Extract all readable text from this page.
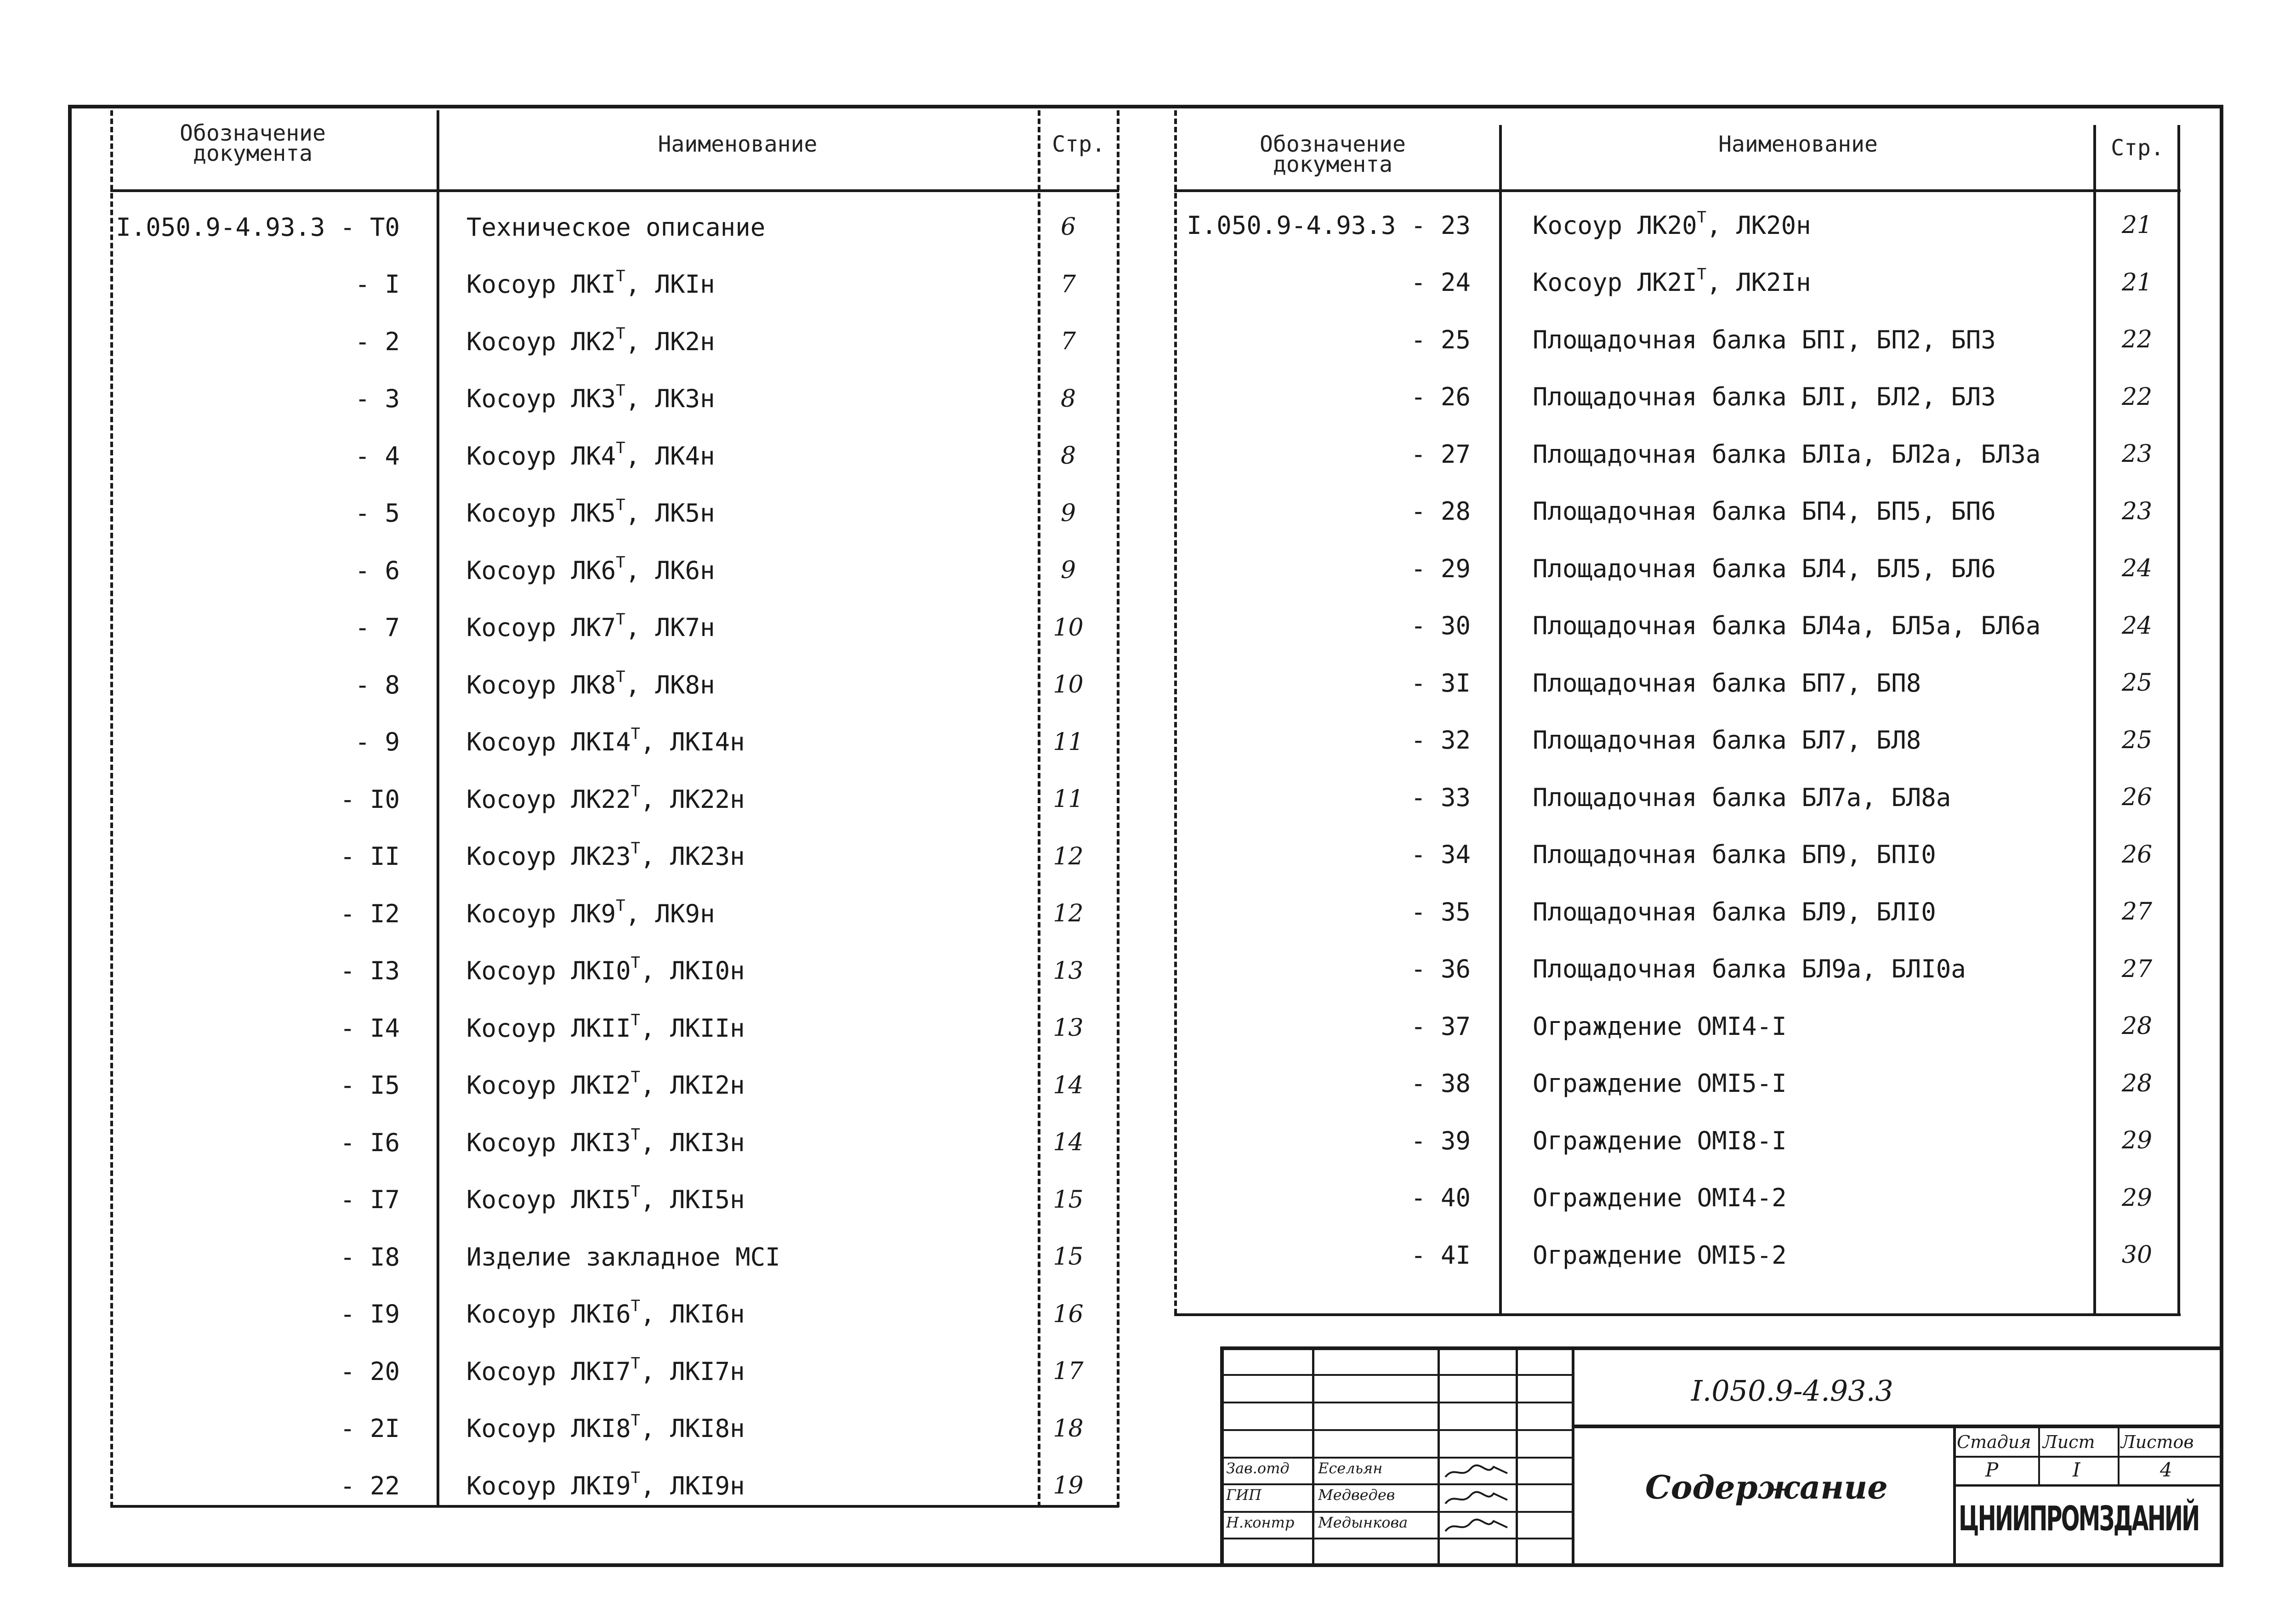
Обозначение документа	Наименование	Стр.
I.050.9-4.93.3 - T0	Техническое описание	6
- I	Косоур $ЛКI^Т$, ЛКIн	7
- 2	Косоур $ЛК2^Т$, ЛК2н	7
- 3	Косоур $ЛК3^Т$, ЛК3н	8
- 4	Косоур $ЛК4^Т$, ЛК4н	8
- 5	Косоур $ЛК5^Т$, ЛК5н	9
- 6	Косоур $ЛК6^Т$, ЛК6н	9
- 7	Косоур $ЛК7^Т$, ЛК7н	10
- 8	Косоур $ЛК8^Т$, ЛК8н	10
- 9	Косоур $ЛКI4^Т$, ЛКI4н	11
- I0	Косоур $ЛК22^Т$, ЛК22н	11
- II	Косоур $ЛК23^Т$, ЛК23н	12
- I2	Косоур $ЛК9^Т$, ЛК9н	12
- I3	Косоур $ЛКI0^Т$, ЛКI0н	13
- I4	Косоур $ЛКII^Т$, ЛКIIн	13
- I5	Косоур $ЛКI2^Т$, ЛКI2н	14
- I6	Косоур $ЛКI3^Т$, ЛКI3н	14
- I7	Косоур $ЛКI5^Т$, ЛКI5н	15
- I8	Изделие закладное МСI	15
- I9	Косоур $ЛКI6^Т$, ЛКI6н	16
- 20	Косоур $ЛКI7^Т$, ЛКI7н	17
- 2I	Косоур $ЛКI8^Т$, ЛКI8н	18
- 22	Косоур $ЛКI9^Т$, ЛКI9н	19
Обозначение документа
Наименование	Стр.
I.050.9-4.93.3 - 23	Косоур $ЛК20^Т$, ЛК20н	21
- 24	Косоур $ЛК2I^Т$, ЛК2Iн	21
- 25	Площадочная балка БПI, БП2, БП3	22
- 26	Площадочная балка БЛI, БЛ2, БЛ3	22
- 27	Площадочная балка БЛIа, БЛ2а, БЛ3а	23
- 28	Площадочная балка БП4, БП5, БП6	23
- 29	Площадочная балка БЛ4, БЛ5, БЛ6	24
- 30	Площадочная балка БЛ4а, БЛ5а, БЛ6а	24
- 3I	Площадочная балка БП7, БП8	25
- 32	Площадочная балка БЛ7, БЛ8	25
- 33	Площадочная балка БЛ7а, БЛ8а	26
- 34	Площадочная балка БП9, БПI0	26
- 35	Площадочная балка БЛ9, БЛI0	27
- 36	Площадочная балка БЛ9а, БЛI0а	27
- 37	Ограждение ОМI4-I	28
- 38	Ограждение ОМI5-I	28
- 39	Ограждение ОМI8-I	29
- 40	Ограждение ОМI4-2	29
- 4I	Ограждение ОМI5-2	30
I.050.9-4.93.3
Содержание
Стадия Лист Листов
Р	I	4
ЦНИИПРОМЗДАНИЙ
Зав.отд	Есельян
ГИП	Медведев
Н.контр	Медынкова
